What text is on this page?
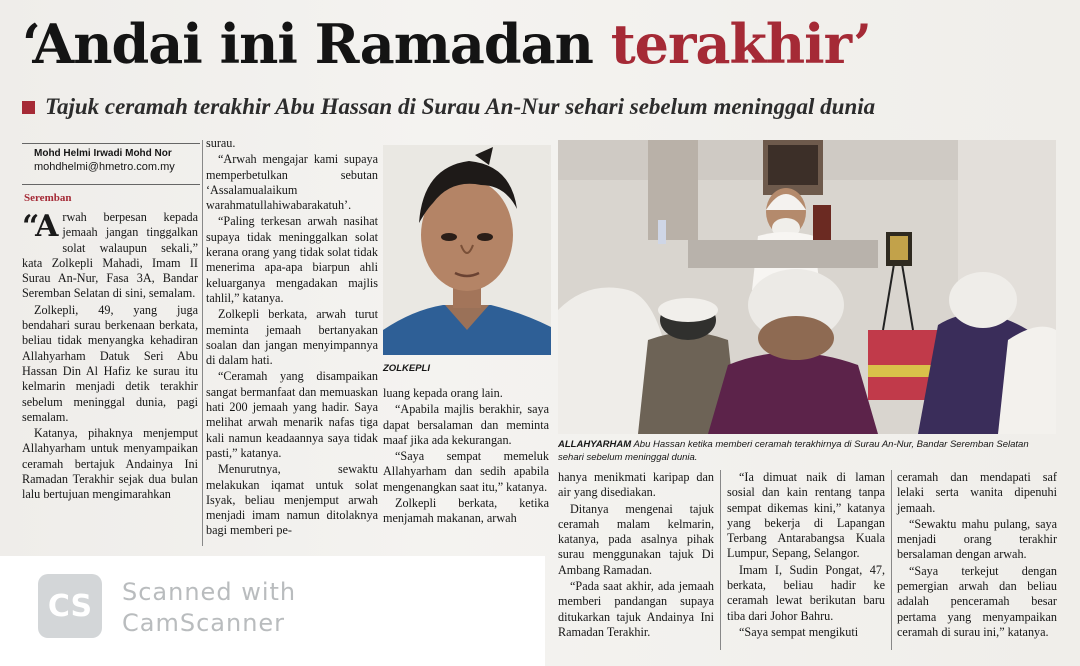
‘Andai ini Ramadan terakhir’
Tajuk ceramah terakhir Abu Hassan di Surau An-Nur sehari sebelum meninggal dunia
Mohd Helmi Irwadi Mohd Nor
mohdhelmi@hmetro.com.my
Seremban

“Arwah berpesan kepada jemaah jangan tinggalkan solat walaupun sekali,” kata Zolkepli Mahadi, Imam II Surau An-Nur, Fasa 3A, Bandar Seremban Selatan di sini, semalam.

Zolkepli, 49, yang juga bendahari surau berkenaan berkata, beliau tidak menyangka kehadiran Allahyarham Datuk Seri Abu Hassan Din Al Hafiz ke surau itu kelmarin menjadi detik terakhir sebelum meninggal dunia, pagi semalam.

Katanya, pihaknya menjemput Allahyarham untuk menyampaikan ceramah bertajuk Andainya Ini Ramadan Terakhir sejak dua bulan lalu bertujuan mengimarahkan

surau.

“Arwah mengajar kami supaya memperbetulkan sebutan ‘Assalamualaikum warahmatullahiwabarakatuh’.

“Paling terkesan arwah nasihat supaya tidak meninggalkan solat kerana orang yang tidak solat tidak menerima apa-apa biarpun ahli keluarganya mengadakan majlis tahlil,” katanya.

Zolkepli berkata, arwah turut meminta jemaah bertanyakan soalan dan jangan menyimpannya di dalam hati.

“Ceramah yang disampaikan sangat bermanfaat dan memuaskan hati 200 jemaah yang hadir. Saya melihat arwah menarik nafas tiga kali namun keadaannya saya tidak pasti,” katanya.

Menurutnya, sewaktu melakukan iqamat untuk solat Isyak, beliau menjemput arwah menjadi imam namun ditolaknya bagi memberi pe-

ZOLKEPLI

luang kepada orang lain.

“Apabila majlis berakhir, saya dapat bersalaman dan meminta maaf jika ada kekurangan.

“Saya sempat memeluk Allahyarham dan sedih apabila mengenangkan saat itu,” katanya.

Zolkepli berkata, ketika menjamah makanan, arwah

ALLAHYARHAM Abu Hassan ketika memberi ceramah terakhirnya di Surau An-Nur, Bandar Seremban Selatan sehari sebelum meninggal dunia.

hanya menikmati karipap dan air yang disediakan.

Ditanya mengenai tajuk ceramah malam kelmarin, katanya, pada asalnya pihak surau menggunakan tajuk Di Ambang Ramadan.

“Pada saat akhir, ada jemaah memberi pandangan supaya ditukarkan tajuk Andainya Ini Ramadan Terakhir.

“Ia dimuat naik di laman sosial dan kain rentang tanpa sempat dikemas kini,” katanya yang bekerja di Lapangan Terbang Antarabangsa Kuala Lumpur, Sepang, Selangor.

Imam I, Sudin Pongat, 47, berkata, beliau hadir ke ceramah lewat berikutan baru tiba dari Johor Bahru.

“Saya sempat mengikuti

ceramah dan mendapati saf lelaki serta wanita dipenuhi jemaah.

“Sewaktu mahu pulang, saya menjadi orang terakhir bersalaman dengan arwah.

“Saya terkejut dengan pemergian arwah dan beliau adalah penceramah besar pertama yang menyampaikan ceramah di surau ini,” katanya.

CS Scanned with
CamScanner
